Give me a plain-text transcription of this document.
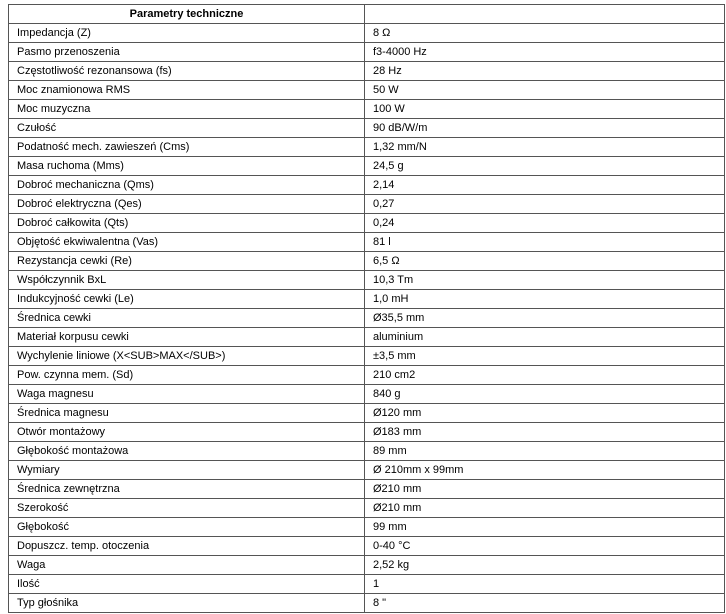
Parametry techniczne	
Impedancja (Z)	8 Ω
Pasmo przenoszenia	f3-4000 Hz
Częstotliwość rezonansowa (fs)	28 Hz
Moc znamionowa RMS	50 W
Moc muzyczna	100 W
Czułość	90 dB/W/m
Podatność mech. zawieszeń (Cms)	1,32 mm/N
Masa ruchoma (Mms)	24,5 g
Dobroć mechaniczna (Qms)	2,14
Dobroć elektryczna (Qes)	0,27
Dobroć całkowita (Qts)	0,24
Objętość ekwiwalentna (Vas)	81 l
Rezystancja cewki (Re)	6,5 Ω
Współczynnik BxL	10,3 Tm
Indukcyjność cewki (Le)	1,0 mH
Średnica cewki	Ø35,5 mm
Materiał korpusu cewki	aluminium
Wychylenie liniowe (X<SUB>MAX</SUB>)	±3,5 mm
Pow. czynna mem. (Sd)	210 cm2
Waga magnesu	840 g
Średnica magnesu	Ø120 mm
Otwór montażowy	Ø183 mm
Głębokość montażowa	89 mm
Wymiary	Ø 210mm x 99mm
Średnica zewnętrzna	Ø210 mm
Szerokość	Ø210 mm
Głębokość	99 mm
Dopuszcz. temp. otoczenia	0-40 °C
Waga	2,52 kg
Ilość	1
Typ głośnika	8 "
